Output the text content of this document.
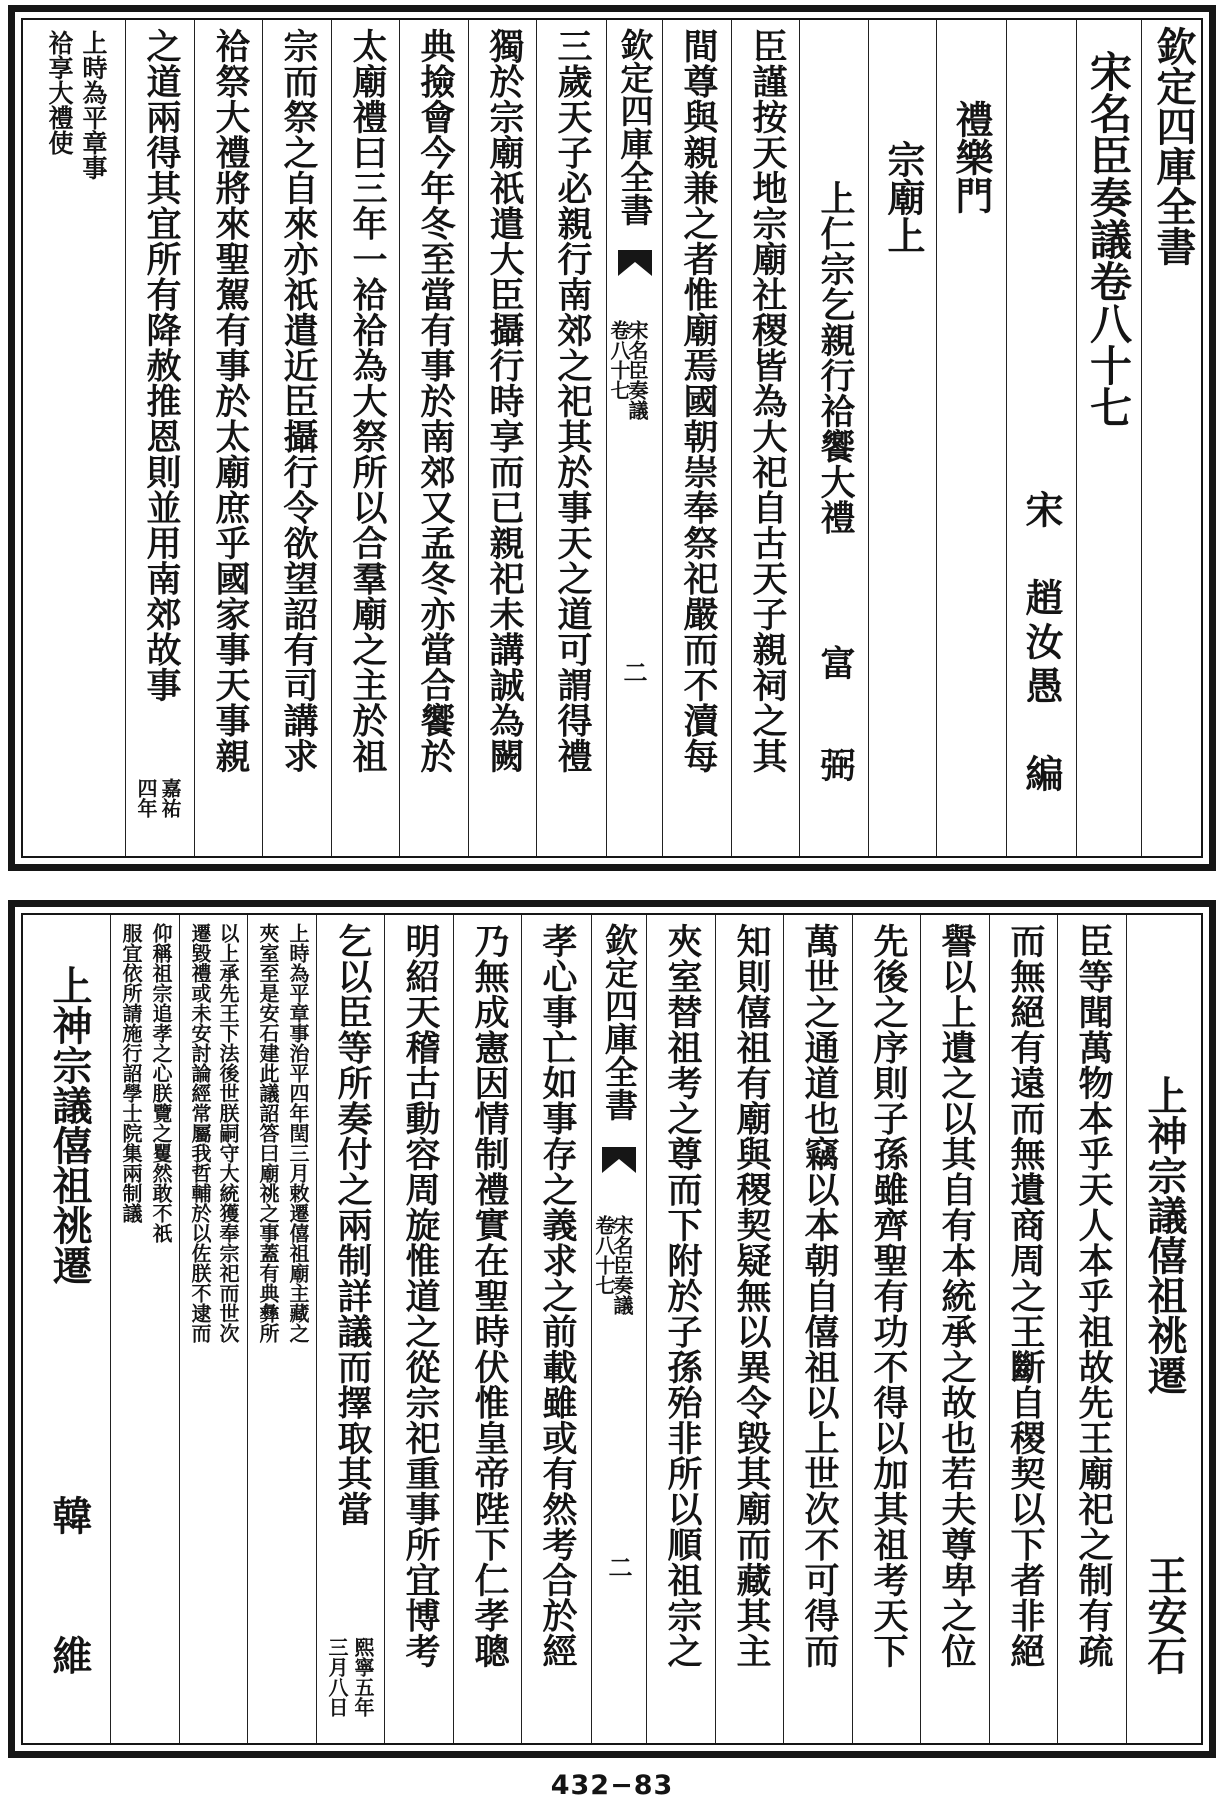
欽定四庫全書
宋名臣奏議卷八十七
宋　趙汝愚　編
禮樂門
宗廟上
上仁宗乞親行祫饗大禮
富　弼
臣謹按天地宗廟社稷皆為大祀自古天子親祠之其
間尊與親兼之者惟廟焉國朝崇奉祭祀嚴而不瀆每
欽定四庫全書
宋名臣奏議
卷八十七
二
三歲天子必親行南郊之祀其於事天之道可謂得禮
獨於宗廟祇遣大臣攝行時享而已親祀未講誠為闕
典撿會今年冬至當有事於南郊又孟冬亦當合饗於
太廟禮曰三年一祫祫為大祭所以合羣廟之主於祖
宗而祭之自來亦祇遣近臣攝行令欲望詔有司講求
祫祭大禮將來聖駕有事於太廟庶乎國家事天事親
之道兩得其宜所有降赦推恩則並用南郊故事
嘉祐
四年
上時為平章事
祫享大禮使
上神宗議僖祖祧遷
王安石
臣等聞萬物本乎天人本乎祖故先王廟祀之制有疏
而無絕有遠而無遺商周之王斷自稷契以下者非絕
譽以上遺之以其自有本統承之故也若夫尊卑之位
先後之序則子孫雖齊聖有功不得以加其祖考天下
萬世之通道也竊以本朝自僖祖以上世次不可得而
知則僖祖有廟與稷契疑無以異令毀其廟而藏其主
夾室替祖考之尊而下附於子孫殆非所以順祖宗之
欽定四庫全書
宋名臣奏議
卷八十七
二
孝心事亡如事存之義求之前載雖或有然考合於經
乃無成憲因情制禮實在聖時伏惟皇帝陛下仁孝聰
明紹天稽古動容周旋惟道之從宗祀重事所宜博考
乞以臣等所奏付之兩制詳議而擇取其當
熙寧五年
三月八日
上時為平章事治平四年閏三月敕遷僖祖廟主藏之
夾室至是安石建此議詔答曰廟祧之事蓋有典彝所
以上承先王下法後世朕嗣守大統獲奉宗祀而世次
遷毀禮或未安討論經常屬我哲輔於以佐朕不逮而
仰稱祖宗追孝之心朕覽之矍然敢不祇
服宜依所請施行詔學士院集兩制議
上神宗議僖祖祧遷
韓　維
432−83
